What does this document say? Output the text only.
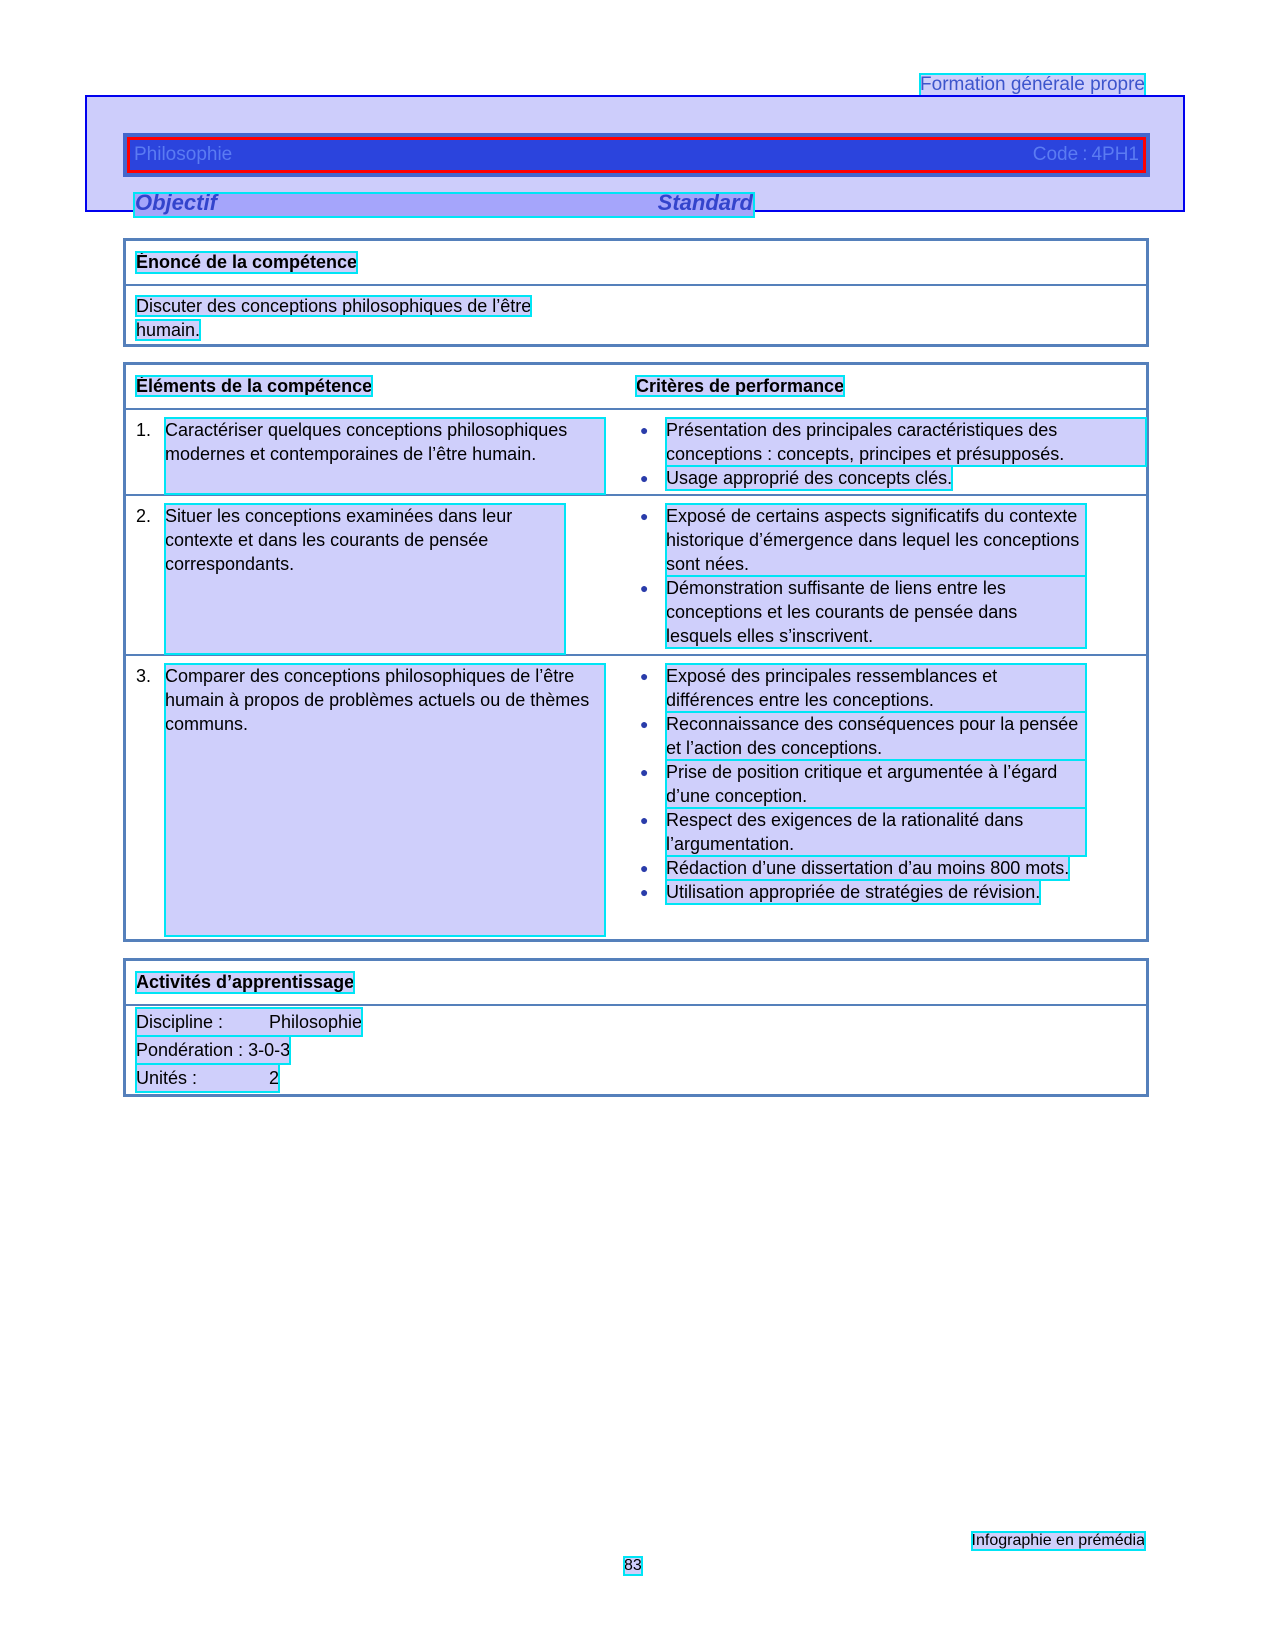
Formation générale propre
Philosophie	Code : 4PH1
Objectif	Standard
Énoncé de la compétence
Discuter des conceptions philosophiques de l’être humain.
Éléments de la compétence	Critères de performance
1. Caractériser quelques conceptions philosophiques modernes et contemporaines de l’être humain.
● Présentation des principales caractéristiques des conceptions : concepts, principes et présupposés.
● Usage approprié des concepts clés.
2. Situer les conceptions examinées dans leur contexte et dans les courants de pensée correspondants.
● Exposé de certains aspects significatifs du contexte historique d’émergence dans lequel les conceptions sont nées.
● Démonstration suffisante de liens entre les conceptions et les courants de pensée dans lesquels elles s’inscrivent.
3. Comparer des conceptions philosophiques de l’être humain à propos de problèmes actuels ou de thèmes communs.
● Exposé des principales ressemblances et différences entre les conceptions.
● Reconnaissance des conséquences pour la pensée et l’action des conceptions.
● Prise de position critique et argumentée à l’égard d’une conception.
● Respect des exigences de la rationalité dans l’argumentation.
● Rédaction d’une dissertation d’au moins 800 mots.
● Utilisation appropriée de stratégies de révision.
Activités d’apprentissage
Discipline :	Philosophie
Pondération : 3-0-3
Unités :	2
Infographie en prémédia
83
